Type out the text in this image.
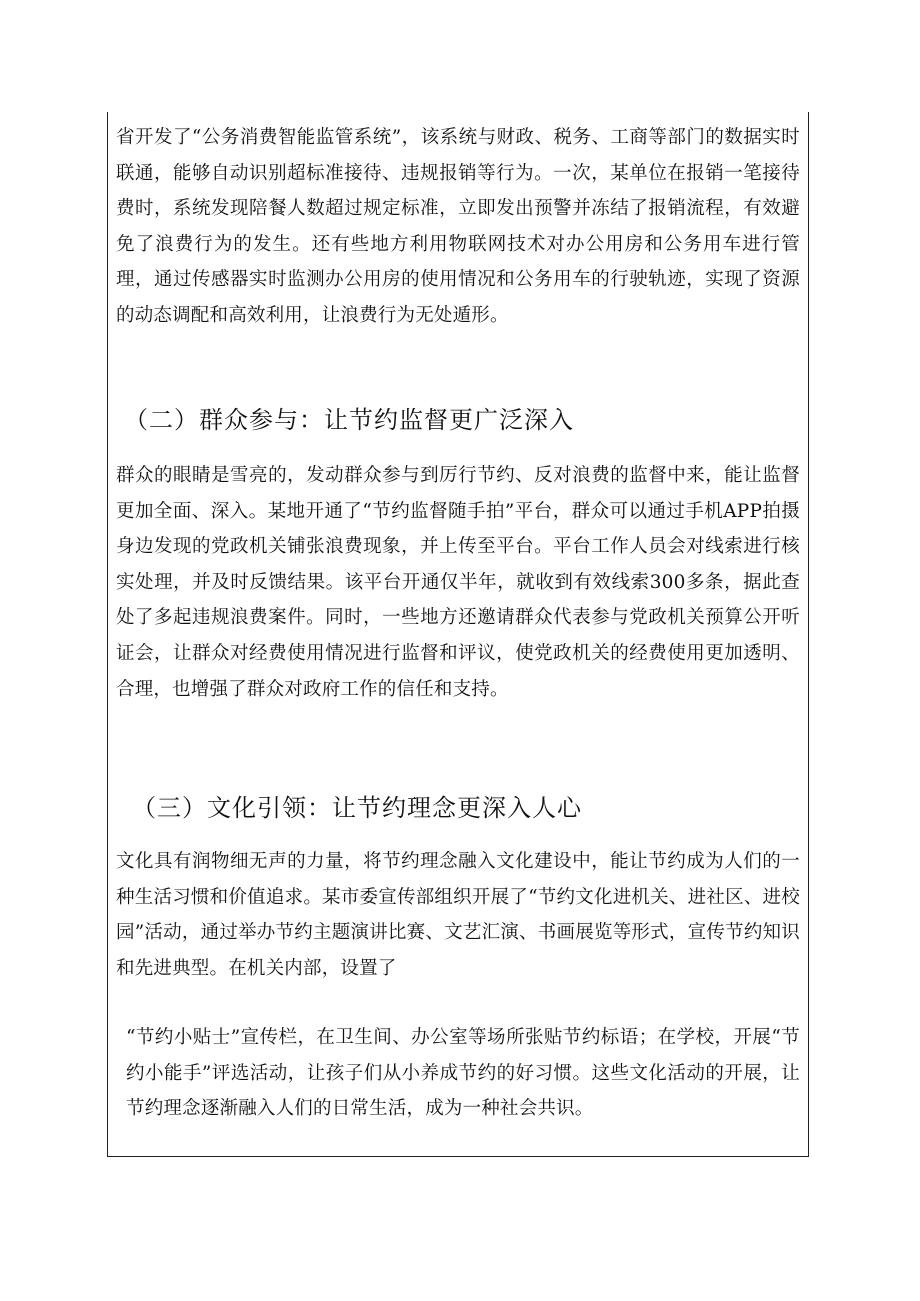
省开发了“公务消费智能监管系统”，该系统与财政、税务、工商等部门的数据实时联通，能够自动识别超标准接待、违规报销等行为。一次，某单位在报销一笔接待费时，系统发现陪餐人数超过规定标准，立即发出预警并冻结了报销流程，有效避免了浪费行为的发生。还有些地方利用物联网技术对办公用房和公务用车进行管理，通过传感器实时监测办公用房的使用情况和公务用车的行驶轨迹，实现了资源的动态调配和高效利用，让浪费行为无处遁形。

（二）群众参与：让节约监督更广泛深入

群众的眼睛是雪亮的，发动群众参与到厉行节约、反对浪费的监督中来，能让监督更加全面、深入。某地开通了“节约监督随手拍”平台，群众可以通过手机APP拍摄身边发现的党政机关铺张浪费现象，并上传至平台。平台工作人员会对线索进行核实处理，并及时反馈结果。该平台开通仅半年，就收到有效线索300多条，据此查处了多起违规浪费案件。同时，一些地方还邀请群众代表参与党政机关预算公开听证会，让群众对经费使用情况进行监督和评议，使党政机关的经费使用更加透明、合理，也增强了群众对政府工作的信任和支持。

（三）文化引领：让节约理念更深入人心

文化具有润物细无声的力量，将节约理念融入文化建设中，能让节约成为人们的一种生活习惯和价值追求。某市委宣传部组织开展了“节约文化进机关、进社区、进校园”活动，通过举办节约主题演讲比赛、文艺汇演、书画展览等形式，宣传节约知识和先进典型。在机关内部，设置了

“节约小贴士”宣传栏，在卫生间、办公室等场所张贴节约标语；在学校，开展“节约小能手”评选活动，让孩子们从小养成节约的好习惯。这些文化活动的开展，让节约理念逐渐融入人们的日常生活，成为一种社会共识。
